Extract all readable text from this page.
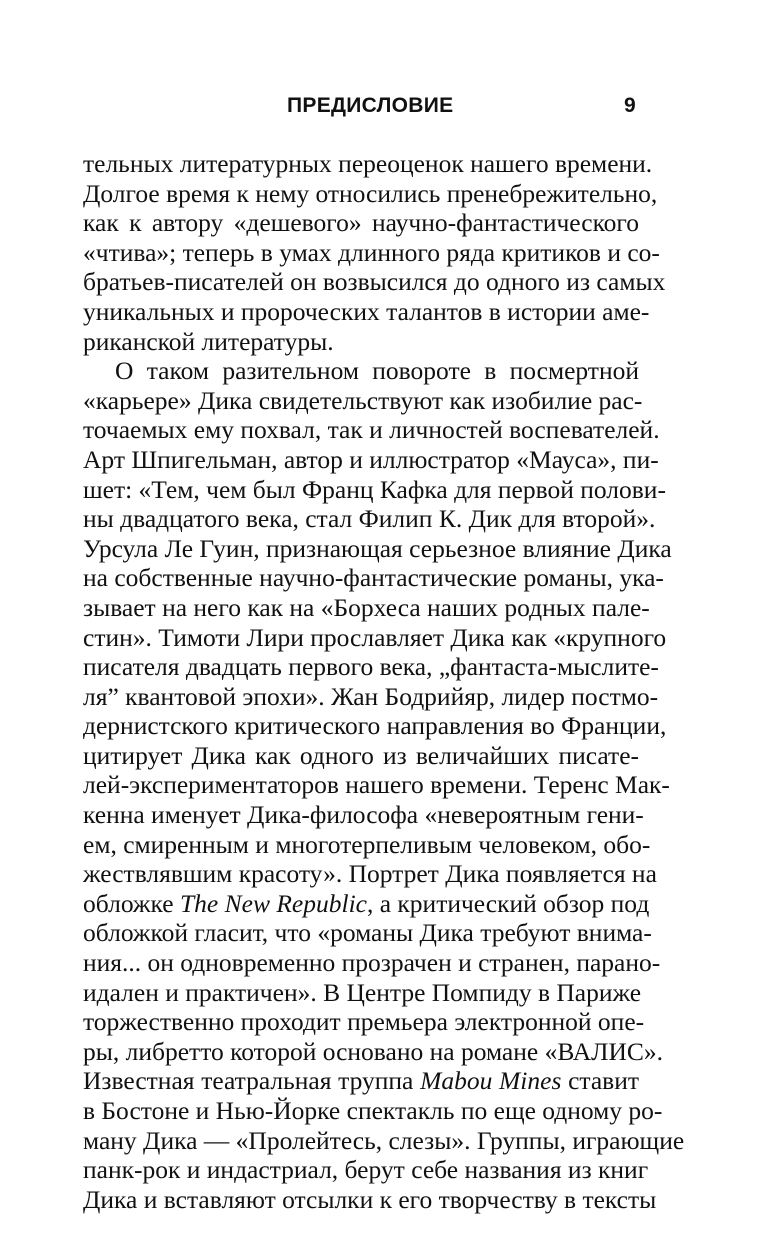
ПРЕДИСЛОВИЕ	9
тельных литературных переоценок нашего времени.
Долгое время к нему относились пренебрежительно,
как к автору «дешевого» научно-фантастического
«чтива»; теперь в умах длинного ряда критиков и со-
братьев-писателей он возвысился до одного из самых
уникальных и пророческих талантов в истории аме-
риканской литературы.
О таком разительном повороте в посмертной
«карьере» Дика свидетельствуют как изобилие рас-
точаемых ему похвал, так и личностей воспевателей.
Арт Шпигельман, автор и иллюстратор «Мауса», пи-
шет: «Тем, чем был Франц Кафка для первой полови-
ны двадцатого века, стал Филип К. Дик для второй».
Урсула Ле Гуин, признающая серьезное влияние Дика
на собственные научно-фантастические романы, ука-
зывает на него как на «Борхеса наших родных пале-
стин». Тимоти Лири прославляет Дика как «крупного
писателя двадцать первого века, „фантаста-мыслите-
ля” квантовой эпохи». Жан Бодрийяр, лидер постмо-
дернистского критического направления во Франции,
цитирует Дика как одного из величайших писате-
лей-экспериментаторов нашего времени. Теренс Мак-
кенна именует Дика-философа «невероятным гени-
ем, смиренным и многотерпеливым человеком, обо-
жествлявшим красоту». Портрет Дика появляется на
обложке The New Republic, а критический обзор под
обложкой гласит, что «романы Дика требуют внима-
ния... он одновременно прозрачен и странен, парано-
идален и практичен». В Центре Помпиду в Париже
торжественно проходит премьера электронной опе-
ры, либретто которой основано на романе «ВАЛИС».
Известная театральная труппа Mabou Mines ставит
в Бостоне и Нью-Йорке спектакль по еще одному ро-
ману Дика — «Пролейтесь, слезы». Группы, играющие
панк-рок и индастриал, берут себе названия из книг
Дика и вставляют отсылки к его творчеству в тексты
